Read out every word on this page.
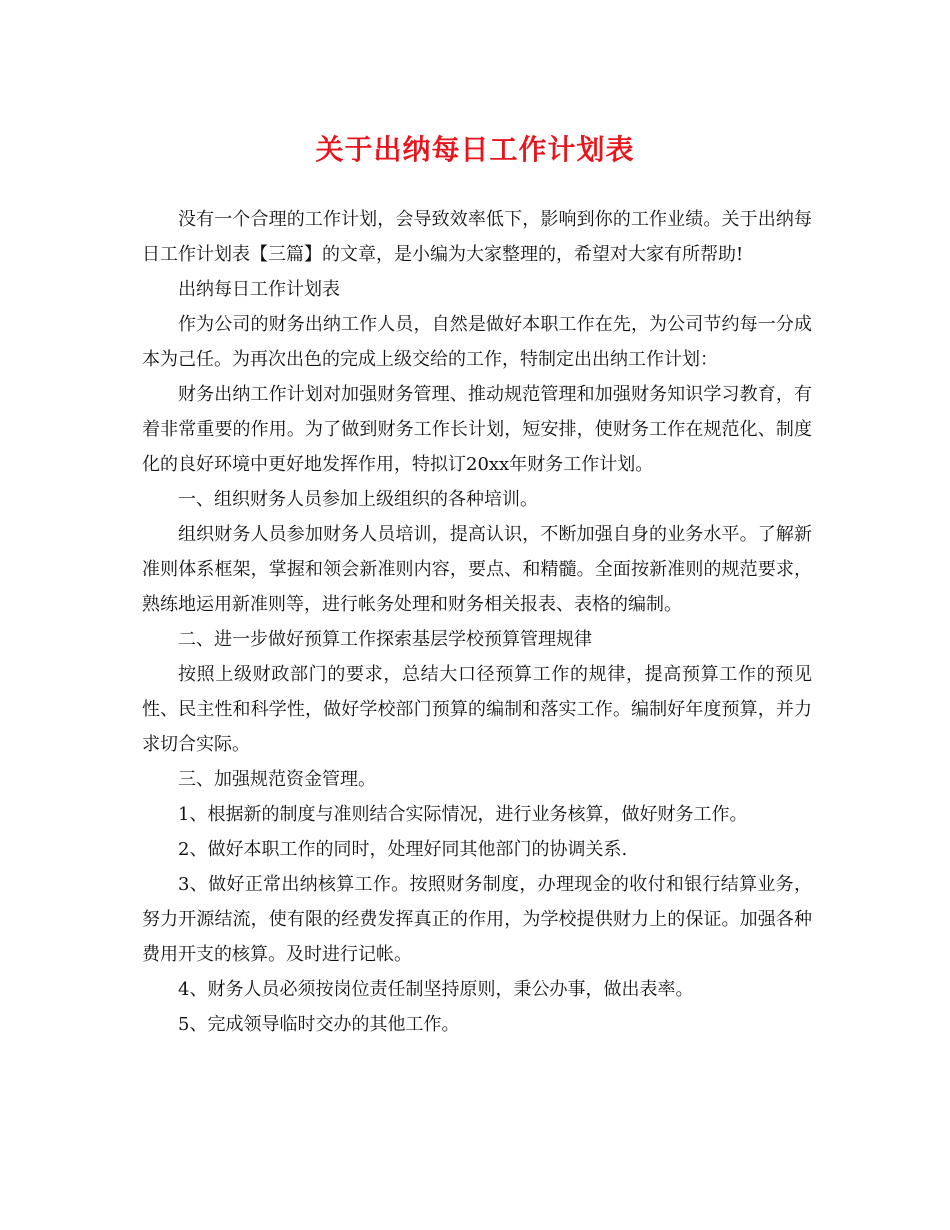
关于出纳每日工作计划表

没有一个合理的工作计划，会导致效率低下，影响到你的工作业绩。关于出纳每日工作计划表【三篇】的文章，是小编为大家整理的，希望对大家有所帮助!

出纳每日工作计划表

作为公司的财务出纳工作人员，自然是做好本职工作在先，为公司节约每一分成本为己任。为再次出色的完成上级交给的工作，特制定出出纳工作计划：

财务出纳工作计划对加强财务管理、推动规范管理和加强财务知识学习教育，有着非常重要的作用。为了做到财务工作长计划，短安排，使财务工作在规范化、制度化的良好环境中更好地发挥作用，特拟订20xx年财务工作计划。

一、组织财务人员参加上级组织的各种培训。

组织财务人员参加财务人员培训，提高认识，不断加强自身的业务水平。了解新准则体系框架，掌握和领会新准则内容，要点、和精髓。全面按新准则的规范要求，熟练地运用新准则等，进行帐务处理和财务相关报表、表格的编制。

二、进一步做好预算工作探索基层学校预算管理规律

按照上级财政部门的要求，总结大口径预算工作的规律，提高预算工作的预见性、民主性和科学性，做好学校部门预算的编制和落实工作。编制好年度预算，并力求切合实际。

三、加强规范资金管理。

1、根据新的制度与准则结合实际情况，进行业务核算，做好财务工作。

2、做好本职工作的同时，处理好同其他部门的协调关系.

3、做好正常出纳核算工作。按照财务制度，办理现金的收付和银行结算业务，努力开源结流，使有限的经费发挥真正的作用，为学校提供财力上的保证。加强各种费用开支的核算。及时进行记帐。

4、财务人员必须按岗位责任制坚持原则，秉公办事，做出表率。

5、完成领导临时交办的其他工作。
